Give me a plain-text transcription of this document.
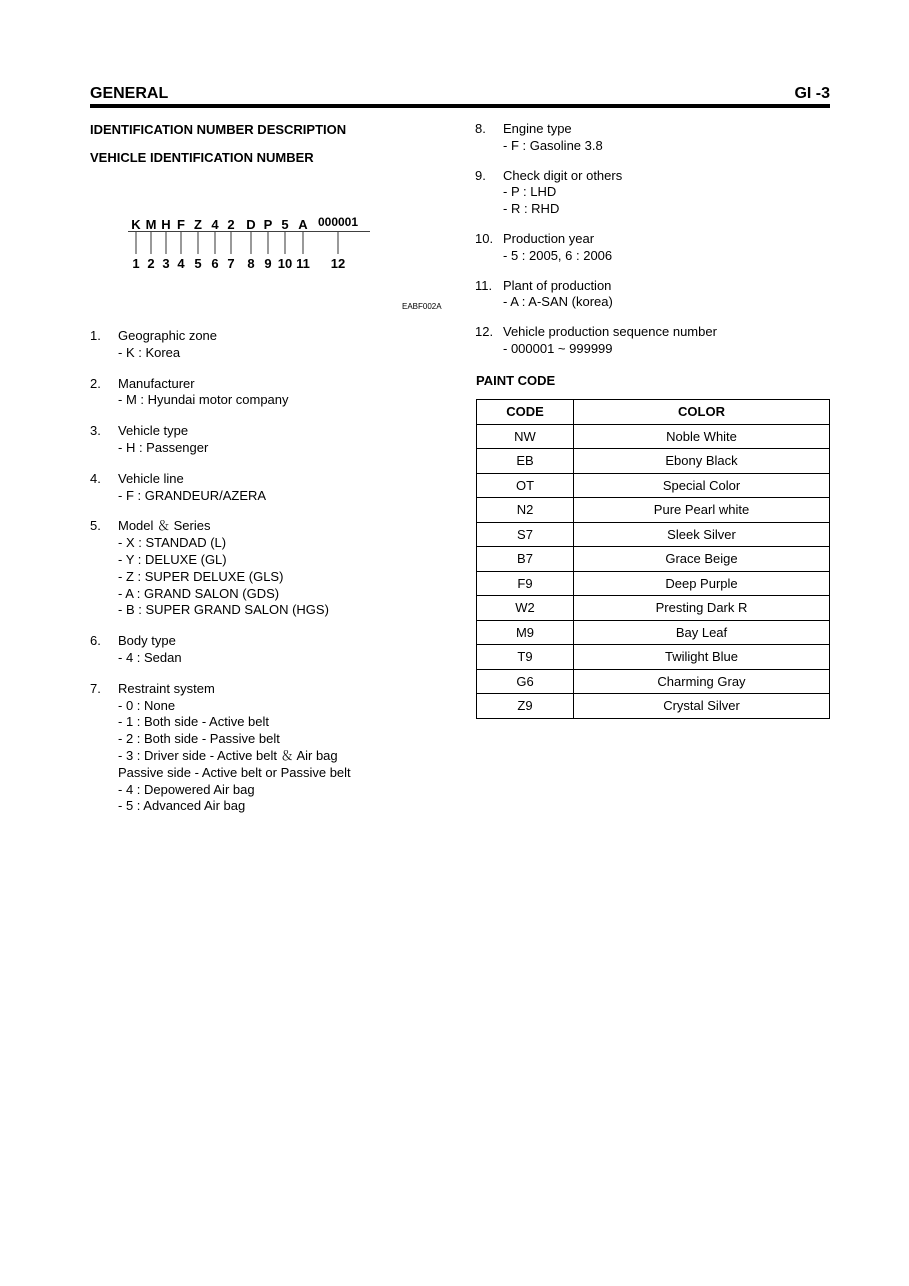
GENERAL	GI -3
IDENTIFICATION NUMBER DESCRIPTION
VEHICLE IDENTIFICATION NUMBER
K
1
M
2
H
3
F
4
Z
5
4
6
2
7
D
8
P
9
5
10
A
11
000001
12
EABF002A
1. Geographic zone
- K : Korea
2. Manufacturer
- M : Hyundai motor company
3. Vehicle type
- H : Passenger
4. Vehicle line
- F : GRANDEUR/AZERA
5. Model ＆ Series
- X : STANDAD (L)
- Y : DELUXE (GL)
- Z : SUPER DELUXE (GLS)
- A : GRAND SALON (GDS)
- B : SUPER GRAND SALON (HGS)
6. Body type
- 4 : Sedan
7. Restraint system
- 0 : None
- 1 : Both side - Active belt
- 2 : Both side - Passive belt
- 3 : Driver side - Active belt ＆ Air bag
Passive side - Active belt or Passive belt
- 4 : Depowered Air bag
- 5 : Advanced Air bag
8. Engine type
- F : Gasoline 3.8
9. Check digit or others
- P : LHD
- R : RHD
10. Production year
- 5 : 2005, 6 : 2006
11. Plant of production
- A : A-SAN (korea)
12. Vehicle production sequence number
- 000001 ~ 999999
PAINT CODE
CODE	COLOR
NW	Noble White
EB	Ebony Black
OT	Special Color
N2	Pure Pearl white
S7	Sleek Silver
B7	Grace Beige
F9	Deep Purple
W2	Presting Dark R
M9	Bay Leaf
T9	Twilight Blue
G6	Charming Gray
Z9	Crystal Silver
